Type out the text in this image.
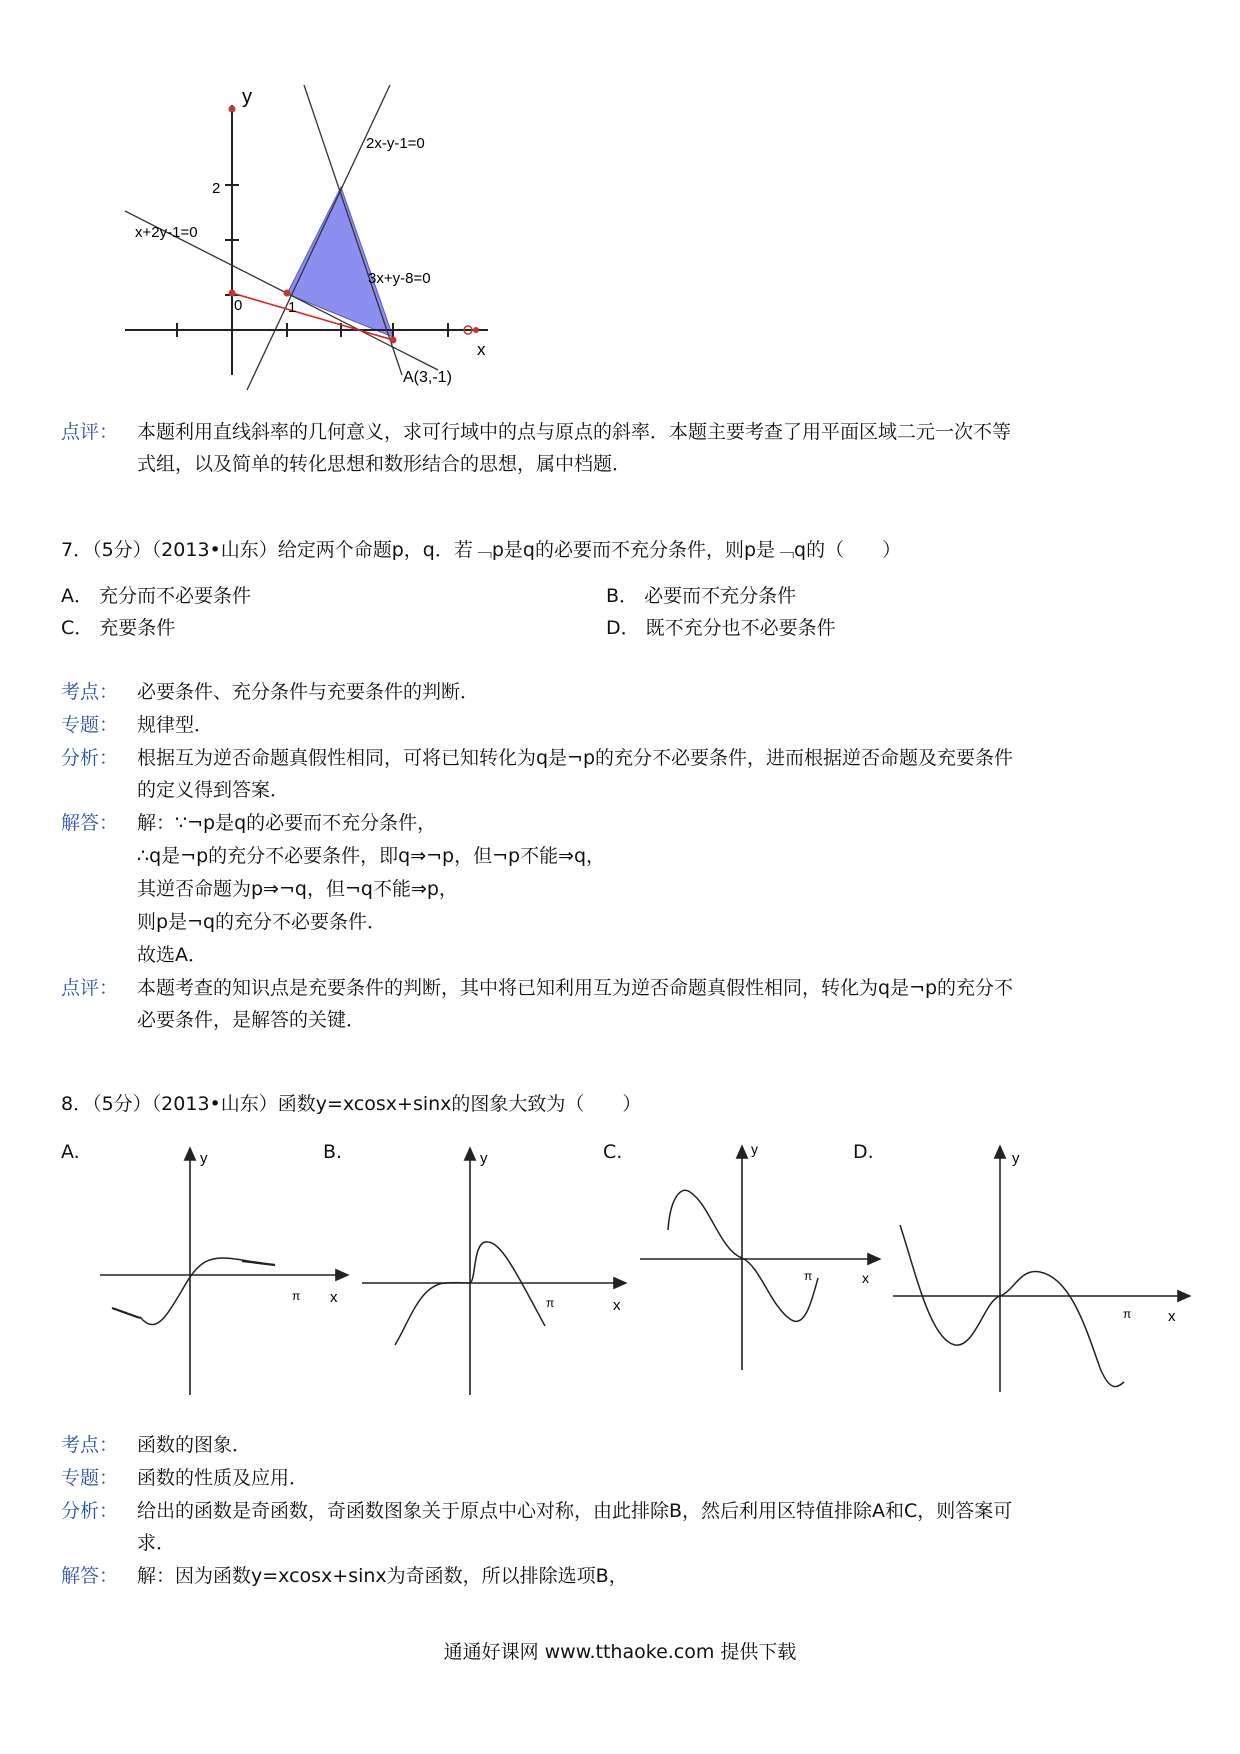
y
2
0	1
x
2x-y-1=0
x+2y-1=0
3x+y-8=0
A(3,-1)
点评： 本题利用直线斜率的几何意义，求可行域中的点与原点的斜率．本题主要考查了用平面区域二元一次不等
式组，以及简单的转化思想和数形结合的思想，属中档题．
7．（5分）（2013•山东）给定两个命题p，q．若﹁p是q的必要而不充分条件，则p是﹁q的（　　）
A． 充分而不必要条件	B． 必要而不充分条件
C． 充要条件	D． 既不充分也不必要条件
考点： 必要条件、充分条件与充要条件的判断．
专题： 规律型．
分析： 根据互为逆否命题真假性相同，可将已知转化为q是¬p的充分不必要条件，进而根据逆否命题及充要条件
的定义得到答案．
解答： 解：∵¬p是q的必要而不充分条件，
∴q是¬p的充分不必要条件，即q⇒¬p，但¬p不能⇒q，
其逆否命题为p⇒¬q，但¬q不能⇒p，
则p是¬q的充分不必要条件．
故选A．
点评： 本题考查的知识点是充要条件的判断，其中将已知利用互为逆否命题真假性相同，转化为q是¬p的充分不
必要条件，是解答的关键．
8．（5分）（2013•山东）函数y=xcosx+sinx的图象大致为（　　）
A.	B.	C.	D.
y
x
π
y
x
π
y
x
π
y
x
π
考点： 函数的图象．
专题： 函数的性质及应用．
分析： 给出的函数是奇函数，奇函数图象关于原点中心对称，由此排除B，然后利用区特值排除A和C，则答案可
求．
解答： 解：因为函数y=xcosx+sinx为奇函数，所以排除选项B，
通通好课网 www.tthaoke.com 提供下载
